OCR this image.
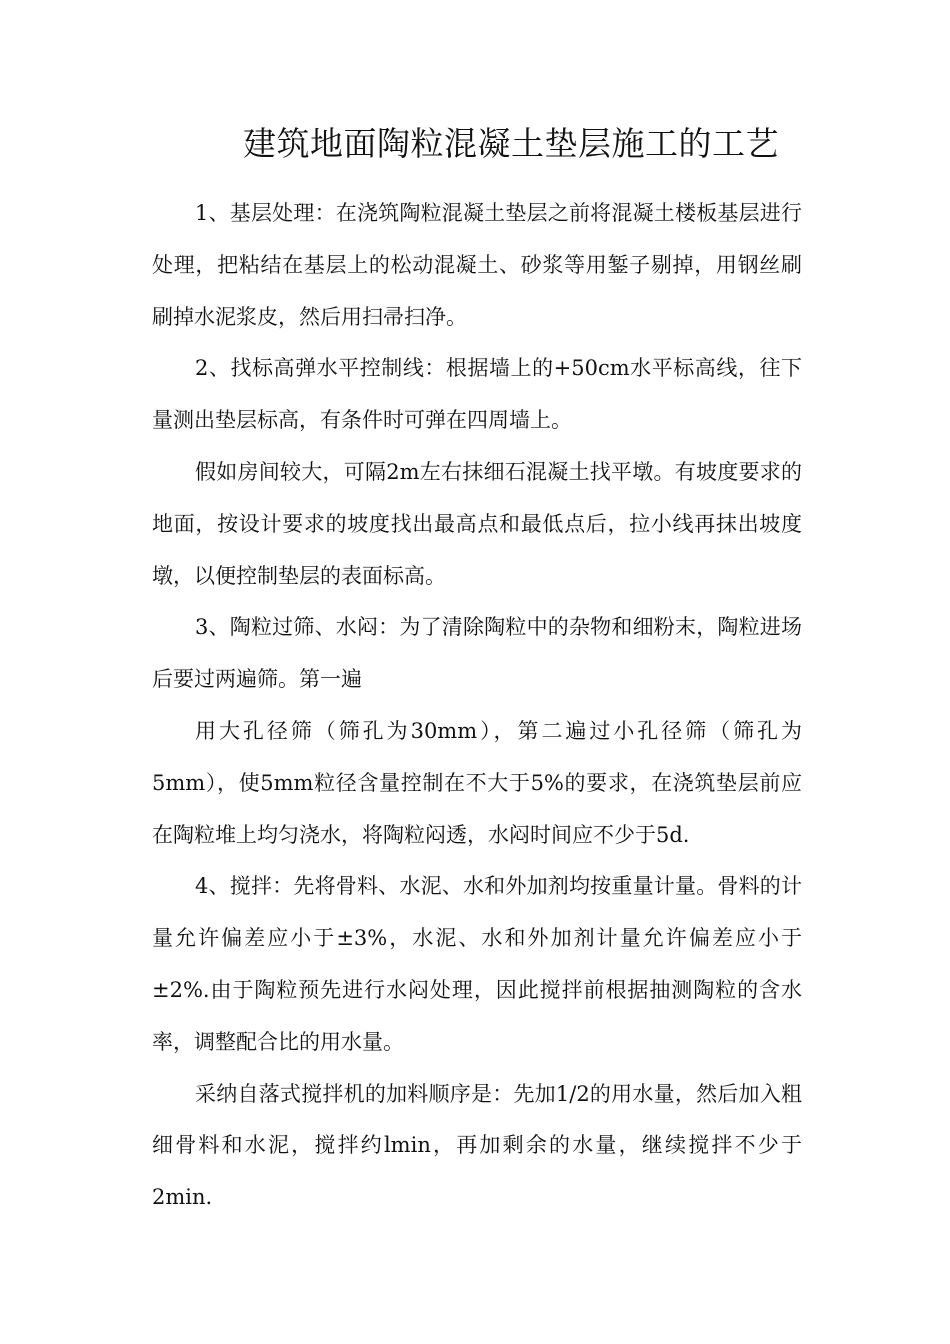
建筑地面陶粒混凝土垫层施工的工艺

1、基层处理：在浇筑陶粒混凝土垫层之前将混凝土楼板基层进行处理，把粘结在基层上的松动混凝土、砂浆等用錾子剔掉，用钢丝刷刷掉水泥浆皮，然后用扫帚扫净。

2、找标高弹水平控制线：根据墙上的+50cm水平标高线，往下量测出垫层标高，有条件时可弹在四周墙上。

假如房间较大，可隔2m左右抹细石混凝土找平墩。有坡度要求的地面，按设计要求的坡度找出最高点和最低点后，拉小线再抹出坡度墩，以便控制垫层的表面标高。

3、陶粒过筛、水闷：为了清除陶粒中的杂物和细粉末，陶粒进场后要过两遍筛。第一遍

用大孔径筛（筛孔为30mm），第二遍过小孔径筛（筛孔为5mm），使5mm粒径含量控制在不大于5%的要求，在浇筑垫层前应在陶粒堆上均匀浇水，将陶粒闷透，水闷时间应不少于5d.

4、搅拌：先将骨料、水泥、水和外加剂均按重量计量。骨料的计量允许偏差应小于±3%，水泥、水和外加剂计量允许偏差应小于±2%.由于陶粒预先进行水闷处理，因此搅拌前根据抽测陶粒的含水率，调整配合比的用水量。

采纳自落式搅拌机的加料顺序是：先加1/2的用水量，然后加入粗细骨料和水泥，搅拌约lmin，再加剩余的水量，继续搅拌不少于2min.
